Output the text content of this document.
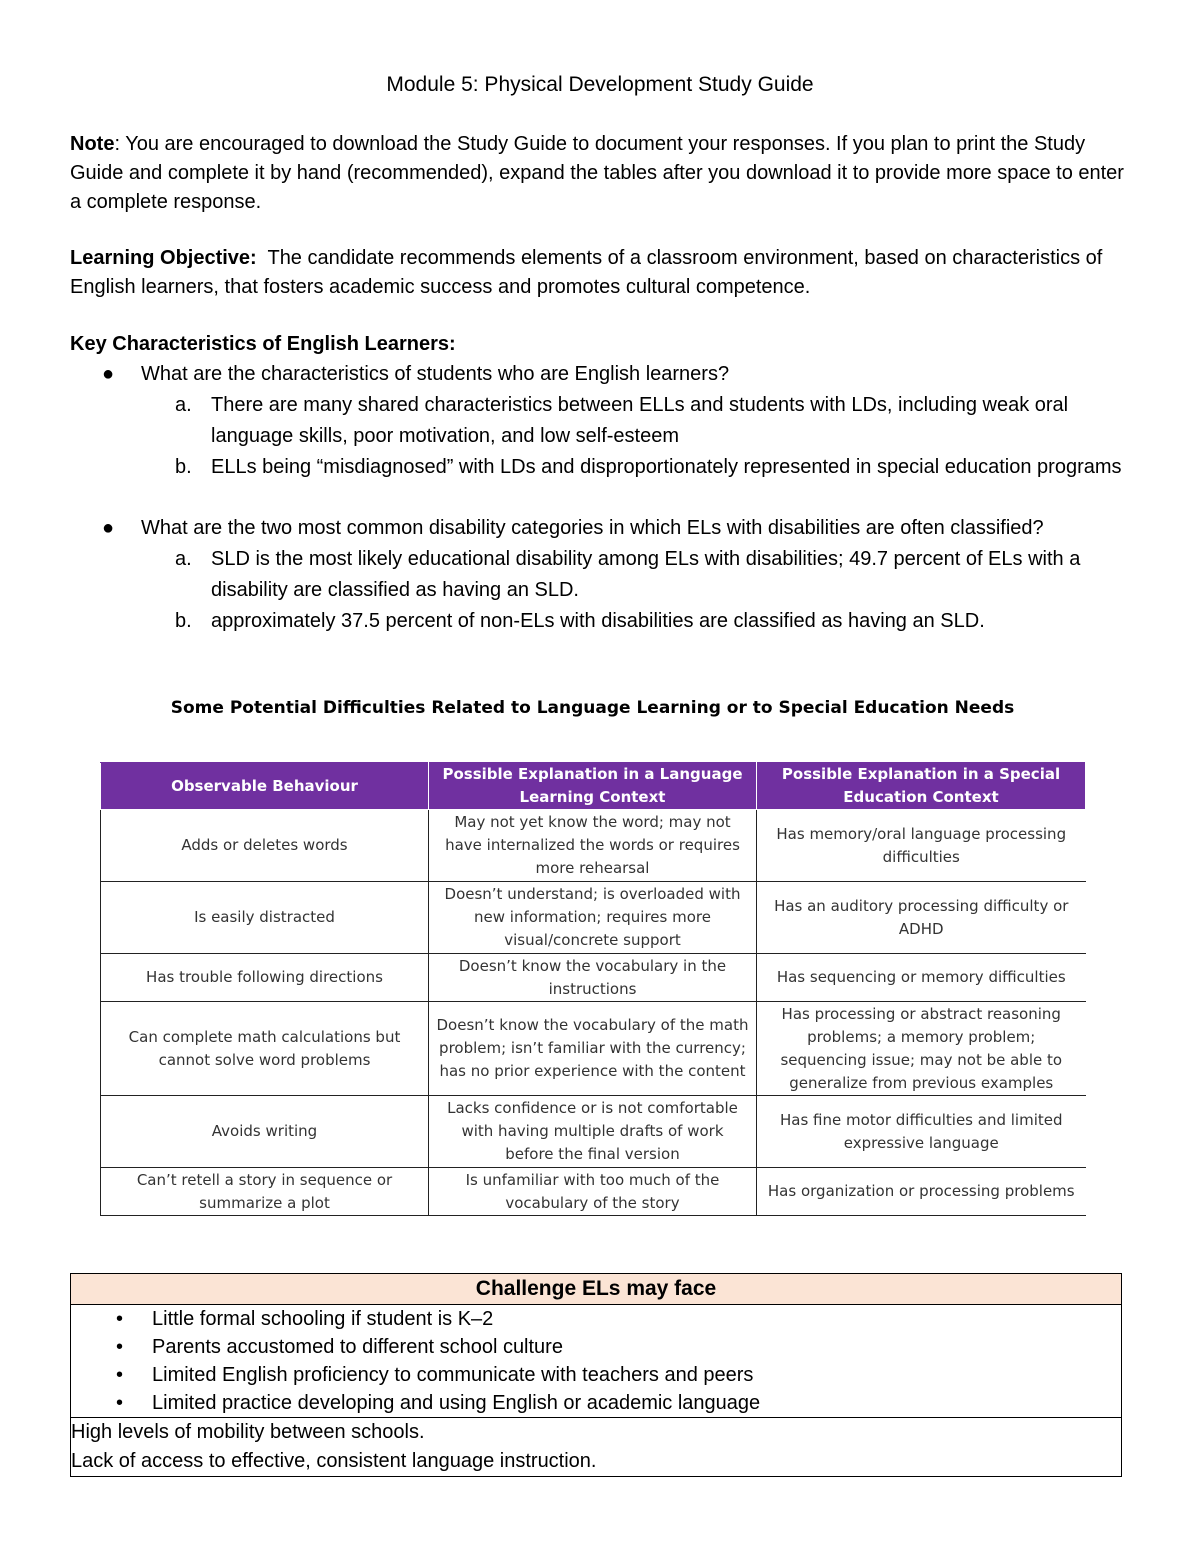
Module 5: Physical Development Study Guide
Note: You are encouraged to download the Study Guide to document your responses. If you plan to print the Study Guide and complete it by hand (recommended), expand the tables after you download it to provide more space to enter a complete response.
Learning Objective:  The candidate recommends elements of a classroom environment, based on characteristics of English learners, that fosters academic success and promotes cultural competence.
Key Characteristics of English Learners:
● What are the characteristics of students who are English learners?
a. There are many shared characteristics between ELLs and students with LDs, including weak oral language skills, poor motivation, and low self-esteem
b. ELLs being “misdiagnosed” with LDs and disproportionately represented in special education programs
● What are the two most common disability categories in which ELs with disabilities are often classified?
a. SLD is the most likely educational disability among ELs with disabilities; 49.7 percent of ELs with a disability are classified as having an SLD.
b. approximately 37.5 percent of non-ELs with disabilities are classified as having an SLD.
Some Potential Difficulties Related to Language Learning or to Special Education Needs
Observable Behaviour	Possible Explanation in a Language Learning Context	Possible Explanation in a Special Education Context
Adds or deletes words	May not yet know the word; may not have internalized the words or requires more rehearsal	Has memory/oral language processing difficulties
Is easily distracted	Doesn’t understand; is overloaded with new information; requires more visual/concrete support	Has an auditory processing difficulty or ADHD
Has trouble following directions	Doesn’t know the vocabulary in the instructions	Has sequencing or memory difficulties
Can complete math calculations but cannot solve word problems	Doesn’t know the vocabulary of the math problem; isn’t familiar with the currency; has no prior experience with the content	Has processing or abstract reasoning problems; a memory problem; sequencing issue; may not be able to generalize from previous examples
Avoids writing	Lacks confidence or is not comfortable with having multiple drafts of work before the final version	Has fine motor difficulties and limited expressive language
Can’t retell a story in sequence or summarize a plot	Is unfamiliar with too much of the vocabulary of the story	Has organization or processing problems
Challenge ELs may face

• Little formal schooling if student is K–2
• Parents accustomed to different school culture
• Limited English proficiency to communicate with teachers and peers
• Limited practice developing and using English or academic language

High levels of mobility between schools.
Lack of access to effective, consistent language instruction.
